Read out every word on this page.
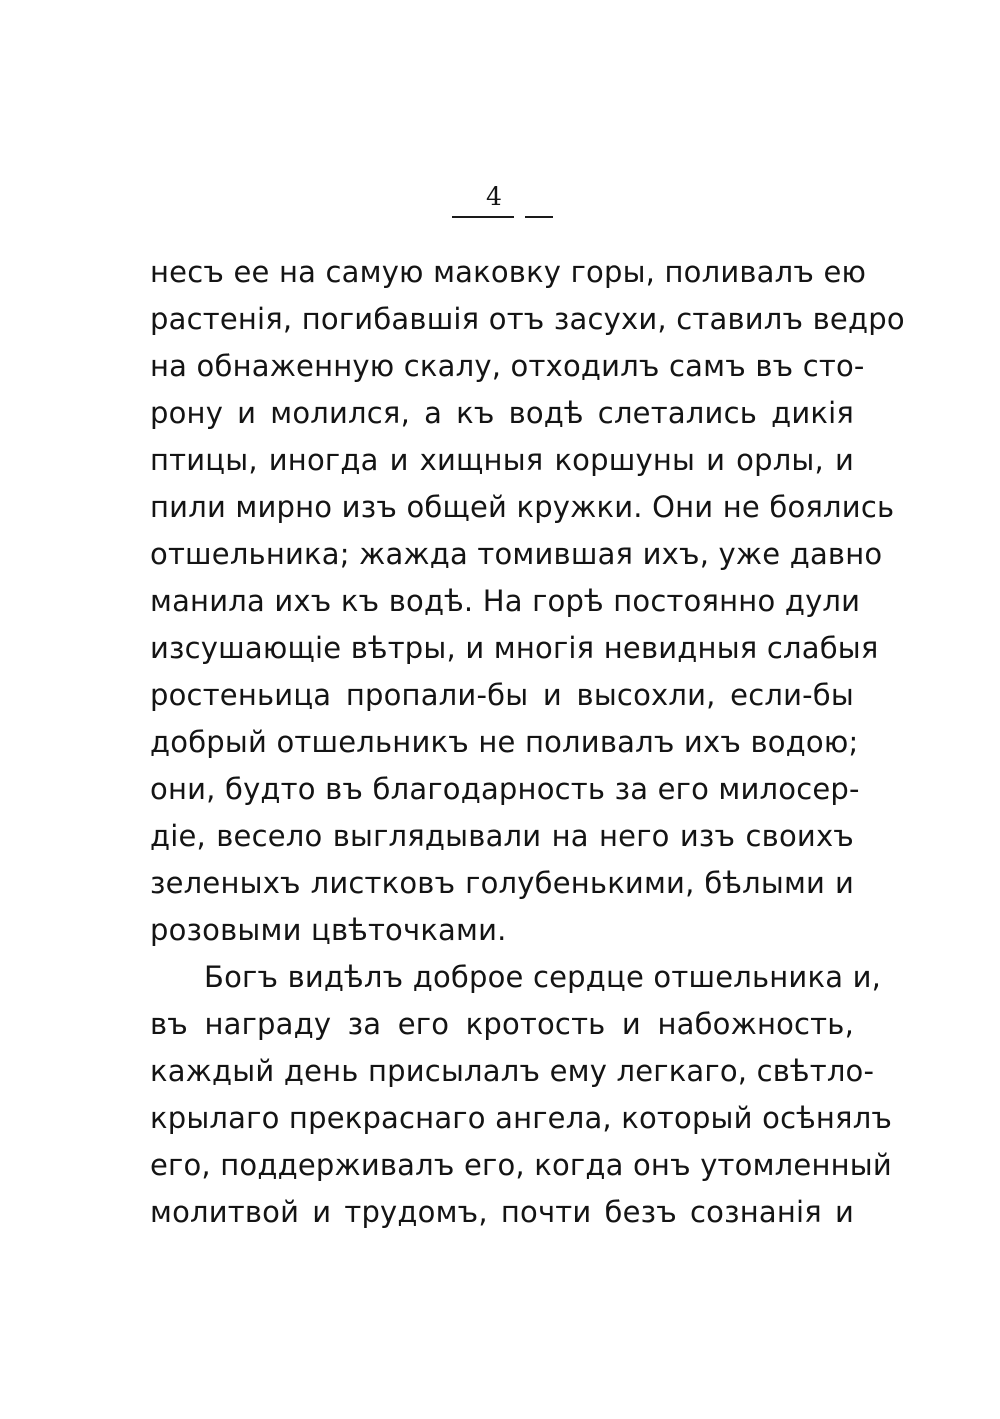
4
несъ ее на самую маковку горы, поливалъ ею
растенія, погибавшія отъ засухи, ставилъ ведро
на обнаженную скалу, отходилъ самъ въ сто-
рону и молился, а къ водѣ слетались дикія
птицы, иногда и хищныя коршуны и орлы, и
пили мирно изъ общей кружки. Они не боялись
отшельника; жажда томившая ихъ, уже давно
манила ихъ къ водѣ. На горѣ постоянно дули
изсушающіе вѣтры, и многія невидныя слабыя
ростеньица пропали-бы и высохли, если-бы
добрый отшельникъ не поливалъ ихъ водою;
они, будто въ благодарность за его милосер-
діе, весело выглядывали на него изъ своихъ
зеленыхъ листковъ голубенькими, бѣлыми и
розовыми цвѣточками.
Богъ видѣлъ доброе сердце отшельника и,
въ награду за его кротость и набожность,
каждый день присылалъ ему легкаго, свѣтло-
крылаго прекраснаго ангела, который осѣнялъ
его, поддерживалъ его, когда онъ утомленный
молитвой и трудомъ, почти безъ сознанія и
